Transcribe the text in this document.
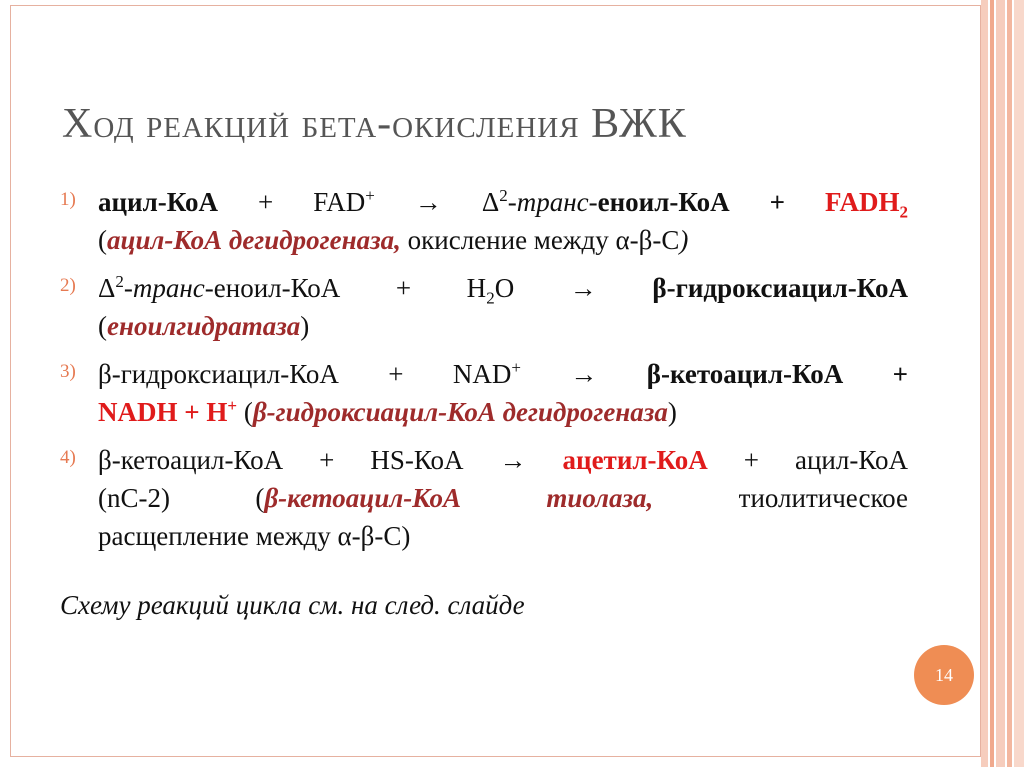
Ход реакций бета-окисления ВЖК
1) ацил-КоА + $FAD^+ \to \Delta^2-транс-еноил$-КоА + $FADH_2$
(ацил-КоА дегидрогеназа, окисление между α-β-С)
2) $\Delta^2-транс-еноил$-КоА + $H_2O$ → β-гидроксиацил-КоА
(еноилгидратаза)
3) β-гидроксиацил-КоА + NAD+ → β-кетоацил-КоА +
NADH + H+ (β-гидроксиацил-КоА дегидрогеназа)
4) β-кетоацил-КоА + HS-КоА → ацетил-КоА + ацил-КоА
(nC-2) (β-кетоацил-КоА тиолаза, тиолитическое
расщепление между α-β-С)

Схему реакций цикла см. на след. слайде

14
